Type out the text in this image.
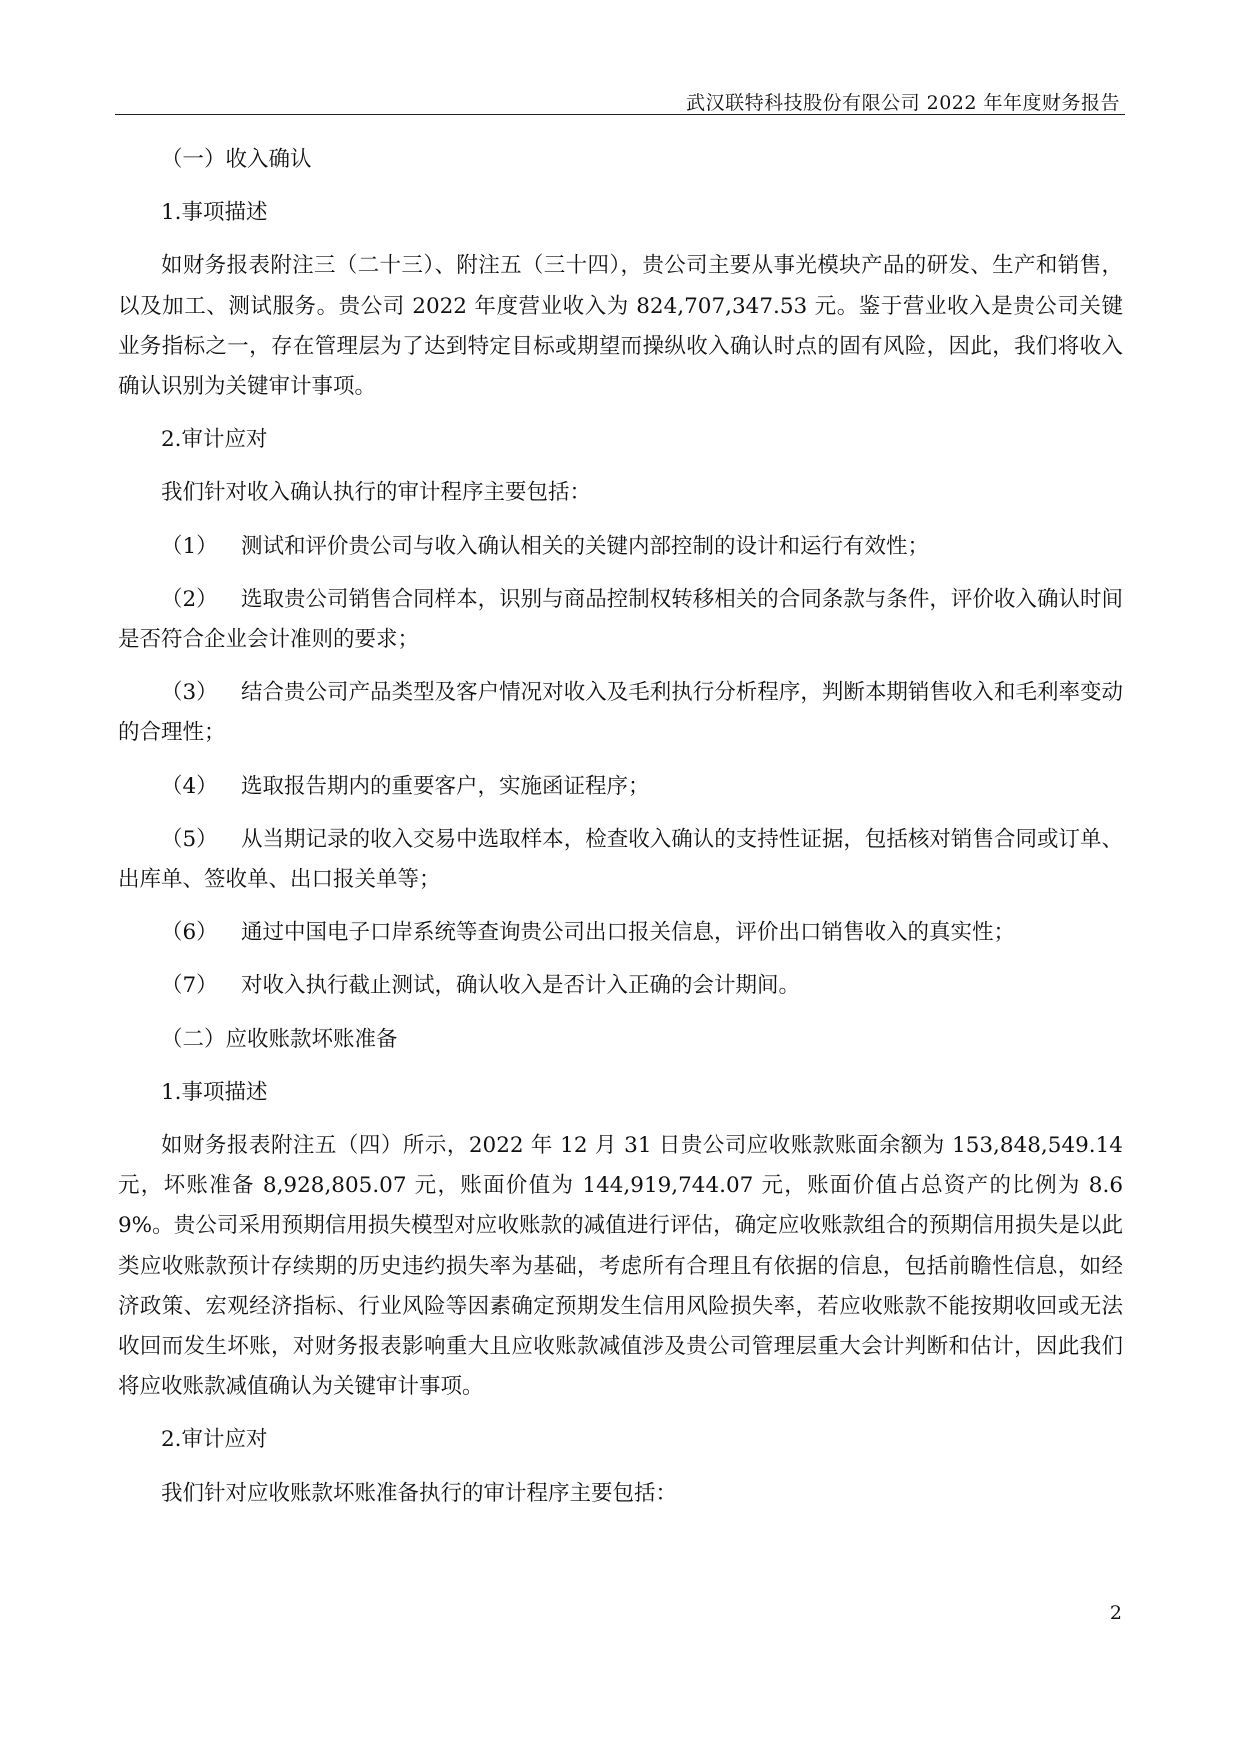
武汉联特科技股份有限公司 2022 年年度财务报告

（一）收入确认

1.事项描述

如财务报表附注三（二十三）、附注五（三十四），贵公司主要从事光模块产品的研发、生产和销售，以及加工、测试服务。贵公司 2022 年度营业收入为 824,707,347.53 元。鉴于营业收入是贵公司关键业务指标之一，存在管理层为了达到特定目标或期望而操纵收入确认时点的固有风险，因此，我们将收入确认识别为关键审计事项。

2.审计应对

我们针对收入确认执行的审计程序主要包括：

（1） 测试和评价贵公司与收入确认相关的关键内部控制的设计和运行有效性；

（2） 选取贵公司销售合同样本，识别与商品控制权转移相关的合同条款与条件，评价收入确认时间是否符合企业会计准则的要求；

（3） 结合贵公司产品类型及客户情况对收入及毛利执行分析程序，判断本期销售收入和毛利率变动的合理性；

（4） 选取报告期内的重要客户，实施函证程序；

（5） 从当期记录的收入交易中选取样本，检查收入确认的支持性证据，包括核对销售合同或订单、出库单、签收单、出口报关单等；

（6） 通过中国电子口岸系统等查询贵公司出口报关信息，评价出口销售收入的真实性；

（7） 对收入执行截止测试，确认收入是否计入正确的会计期间。

（二）应收账款坏账准备

1.事项描述

如财务报表附注五（四）所示，2022 年 12 月 31 日贵公司应收账款账面余额为 153,848,549.14 元，坏账准备 8,928,805.07 元，账面价值为 144,919,744.07 元，账面价值占总资产的比例为 8.69%。贵公司采用预期信用损失模型对应收账款的减值进行评估，确定应收账款组合的预期信用损失是以此类应收账款预计存续期的历史违约损失率为基础，考虑所有合理且有依据的信息，包括前瞻性信息，如经济政策、宏观经济指标、行业风险等因素确定预期发生信用风险损失率，若应收账款不能按期收回或无法收回而发生坏账，对财务报表影响重大且应收账款减值涉及贵公司管理层重大会计判断和估计，因此我们将应收账款减值确认为关键审计事项。

2.审计应对

我们针对应收账款坏账准备执行的审计程序主要包括：

2
